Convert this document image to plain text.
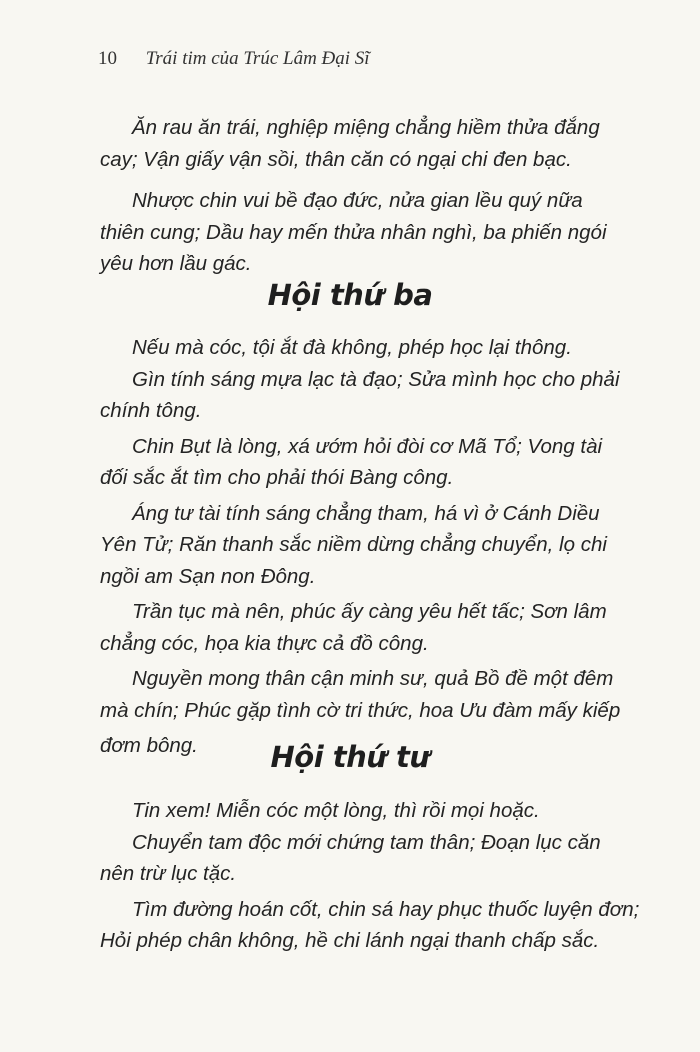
10 Trái tim của Trúc Lâm Đại Sĩ
Ăn rau ăn trái, nghiệp miệng chẳng hiềm thửa đắng
cay; Vận giấy vận sồi, thân căn có ngại chi đen bạc.
Nhược chin vui bề đạo đức, nửa gian lều quý nữa
thiên cung; Dầu hay mến thửa nhân nghì, ba phiến ngói
yêu hơn lầu gác.
Hội thứ ba
Nếu mà cóc, tội ắt đà không, phép học lại thông.
Gìn tính sáng mựa lạc tà đạo; Sửa mình học cho phải
chính tông.
Chin Bụt là lòng, xá ướm hỏi đòi cơ Mã Tổ; Vong tài
đối sắc ắt tìm cho phải thói Bàng công.
Áng tư tài tính sáng chẳng tham, há vì ở Cánh Diều
Yên Tử; Răn thanh sắc niềm dừng chẳng chuyển, lọ chi
ngồi am Sạn non Đông.
Trần tục mà nên, phúc ấy càng yêu hết tấc; Sơn lâm
chẳng cóc, họa kia thực cả đồ công.
Nguyền mong thân cận minh sư, quả Bồ đề một đêm
mà chín; Phúc gặp tình cờ tri thức, hoa Ưu đàm mấy kiếp
đơm bông.	Hội thứ tư
Tin xem! Miễn cóc một lòng, thì rồi mọi hoặc.
Chuyển tam độc mới chứng tam thân; Đoạn lục căn
nên trừ lục tặc.
Tìm đường hoán cốt, chin sá hay phục thuốc luyện đơn;
Hỏi phép chân không, hề chi lánh ngại thanh chấp sắc.
